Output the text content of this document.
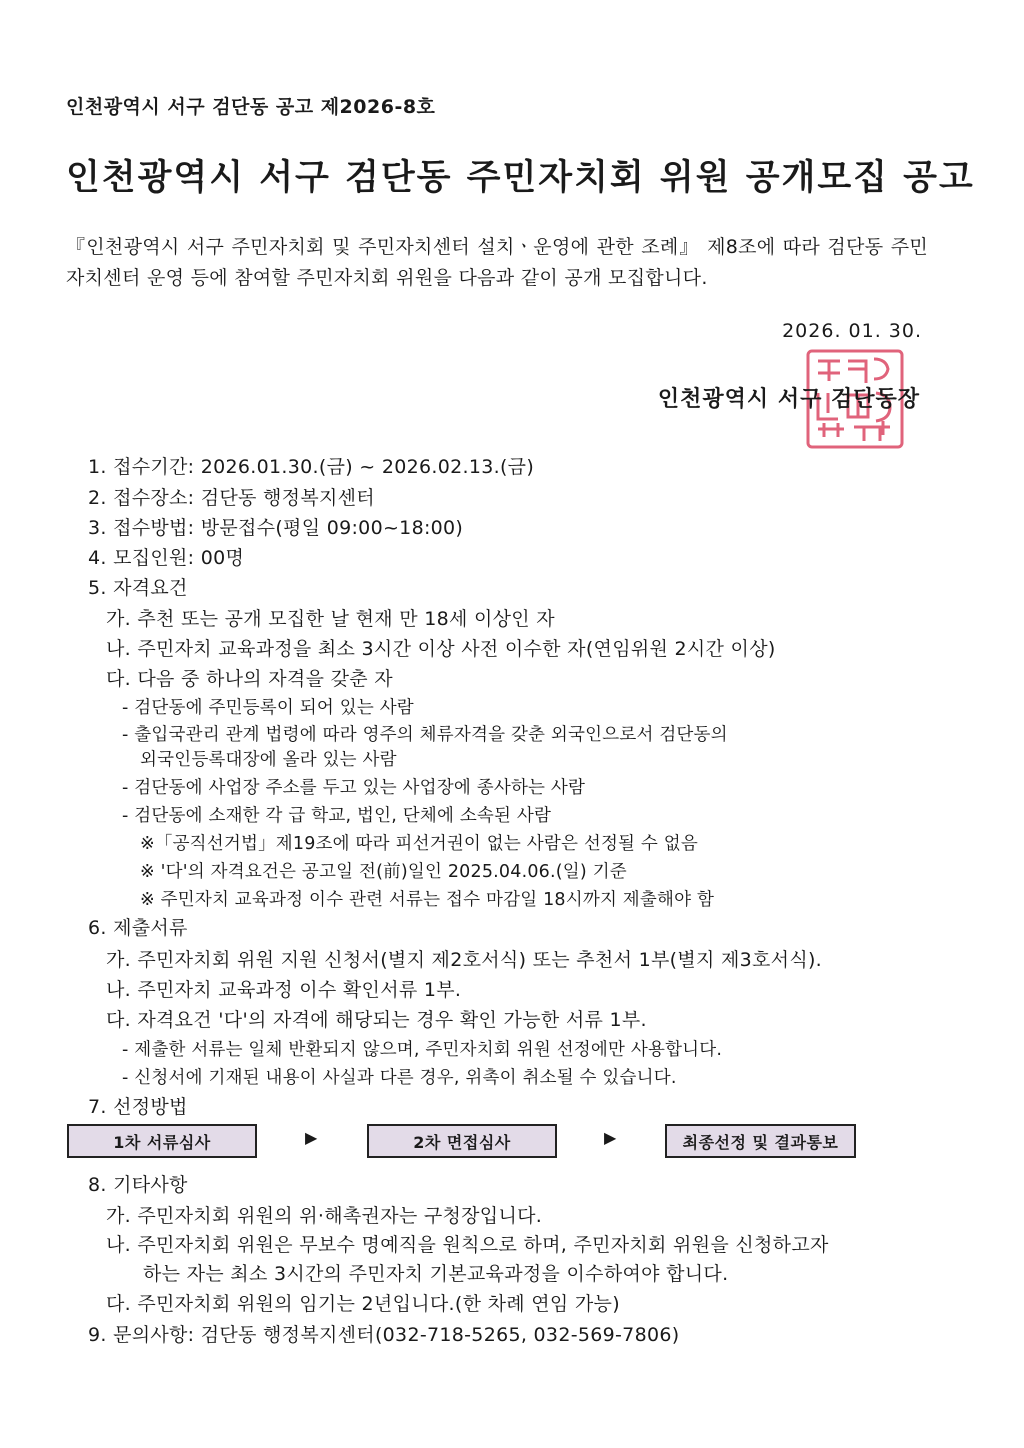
인천광역시 서구 검단동 공고 제2026-8호
인천광역시 서구 검단동 주민자치회 위원 공개모집 공고
『인천광역시 서구 주민자치회 및 주민자치센터 설치ㆍ운영에 관한 조례』 제8조에 따라 검단동 주민자치센터 운영 등에 참여할 주민자치회 위원을 다음과 같이 공개 모집합니다.
2026. 01. 30.
인천광역시 서구 검단동장
1. 접수기간: 2026.01.30.(금) ~ 2026.02.13.(금)
2. 접수장소: 검단동 행정복지센터
3. 접수방법: 방문접수(평일 09:00~18:00)
4. 모집인원: 00명
5. 자격요건
가. 추천 또는 공개 모집한 날 현재 만 18세 이상인 자
나. 주민자치 교육과정을 최소 3시간 이상 사전 이수한 자(연임위원 2시간 이상)
다. 다음 중 하나의 자격을 갖춘 자
- 검단동에 주민등록이 되어 있는 사람
- 출입국관리 관계 법령에 따라 영주의 체류자격을 갖춘 외국인으로서 검단동의
외국인등록대장에 올라 있는 사람
- 검단동에 사업장 주소를 두고 있는 사업장에 종사하는 사람
- 검단동에 소재한 각 급 학교, 법인, 단체에 소속된 사람
※「공직선거법」제19조에 따라 피선거권이 없는 사람은 선정될 수 없음
※ '다'의 자격요건은 공고일 전(前)일인 2025.04.06.(일) 기준
※ 주민자치 교육과정 이수 관련 서류는 접수 마감일 18시까지 제출해야 함
6. 제출서류
가. 주민자치회 위원 지원 신청서(별지 제2호서식) 또는 추천서 1부(별지 제3호서식).
나. 주민자치 교육과정 이수 확인서류 1부.
다. 자격요건 '다'의 자격에 해당되는 경우 확인 가능한 서류 1부.
- 제출한 서류는 일체 반환되지 않으며, 주민자치회 위원 선정에만 사용합니다.
- 신청서에 기재된 내용이 사실과 다른 경우, 위촉이 취소될 수 있습니다.
7. 선정방법
1차 서류심사	▶	2차 면접심사	▶	최종선정 및 결과통보
8. 기타사항
가. 주민자치회 위원의 위·해촉권자는 구청장입니다.
나. 주민자치회 위원은 무보수 명예직을 원칙으로 하며, 주민자치회 위원을 신청하고자
하는 자는 최소 3시간의 주민자치 기본교육과정을 이수하여야 합니다.
다. 주민자치회 위원의 임기는 2년입니다.(한 차례 연임 가능)
9. 문의사항: 검단동 행정복지센터(032-718-5265, 032-569-7806)
